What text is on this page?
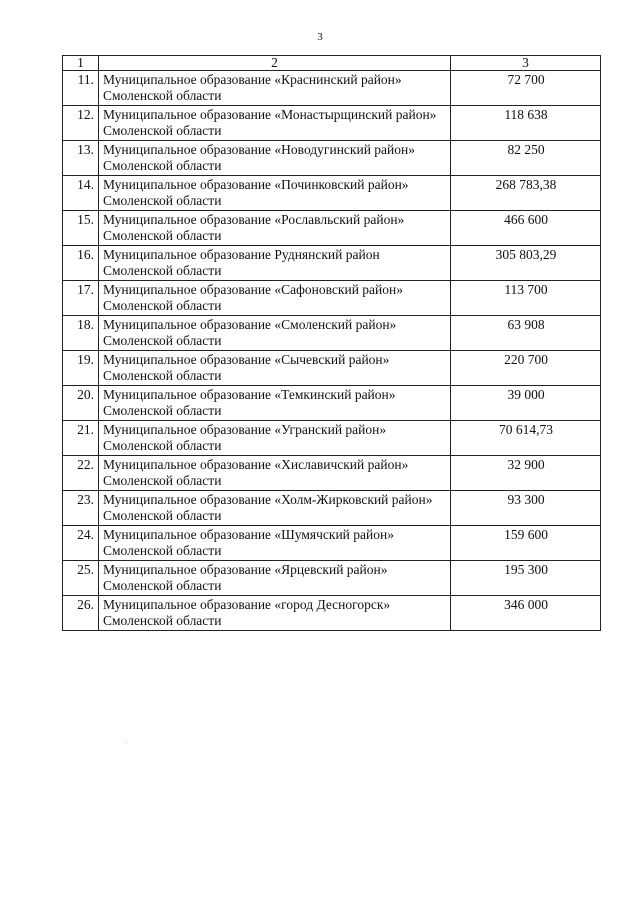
3
1	2	3
11.	Муниципальное образование «Краснинский район» Смоленской области	72 700
12.	Муниципальное образование «Монастырщинский район» Смоленской области	118 638
13.	Муниципальное образование «Новодугинский район» Смоленской области	82 250
14.	Муниципальное образование «Починковский район» Смоленской области	268 783,38
15.	Муниципальное образование «Рославльский район» Смоленской области	466 600
16.	Муниципальное образование Руднянский район Смоленской области	305 803,29
17.	Муниципальное образование «Сафоновский район» Смоленской области	113 700
18.	Муниципальное образование «Смоленский район» Смоленской области	63 908
19.	Муниципальное образование «Сычевский район» Смоленской области	220 700
20.	Муниципальное образование «Темкинский район» Смоленской области	39 000
21.	Муниципальное образование «Угранский район» Смоленской области	70 614,73
22.	Муниципальное образование «Хиславичский район» Смоленской области	32 900
23.	Муниципальное образование «Холм-Жирковский район» Смоленской области	93 300
24.	Муниципальное образование «Шумячский район» Смоленской области	159 600
25.	Муниципальное образование «Ярцевский район» Смоленской области	195 300
26.	Муниципальное образование «город Десногорск» Смоленской области	346 000
